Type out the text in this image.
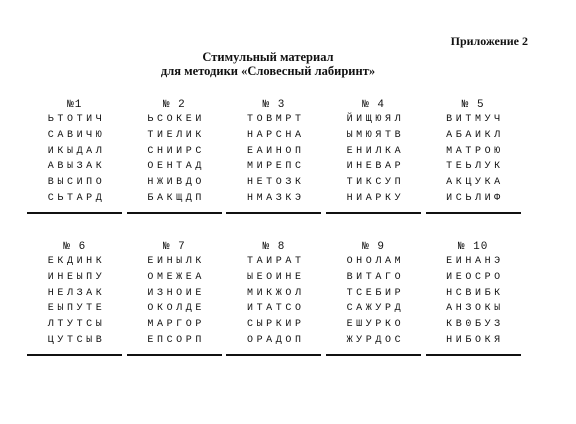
Приложение 2
Стимульный материал
для методики «Словесный лабиринт»
№1
ЬТОТИЧ
САВИЧЮ
ИКЫДАЛ
АВЫЗАК
ВЫСИПО
СЬТАРД
№ 2
ЬСОКЕИ
ТИЕЛИК
СНИИРС
ОЕНТАД
НЖИВДО
БАКЩДП
№ 3
ТОВМРТ
НАРСНА
ЕАИНОП
МИРЕПС
НЕТОЗК
НМАЗКЭ
№ 4
ЙИЩЮЯЛ
ЫМЮЯТВ
ЕНИЛКА
ИНЕВАР
ТИКСУП
НИАРКУ
№ 5
ВИТМУЧ
АБАИКЛ
МАТРОЮ
ТЕЬЛУК
АКЦУКА
ИСЬЛИФ
№ 6
ЕКДИНК
ИНЕЫПУ
НЕЛЗАК
ЕЫПУТЕ
ЛТУТСЫ
ЦУТСЫВ
№ 7
ЕИНЫЛК
ОМЕЖЕА
ИЗНОИЕ
ОКОЛДЕ
МАРГОР
ЕПСОРП
№ 8
ТАИРАТ
ЫЕОИНЕ
МИКЖОЛ
ИТАТСО
СЫРКИР
ОРАДОП
№ 9
ОНОЛАМ
ВИТАГО
ТСЕБИР
САЖУРД
ЕШУРКО
ЖУРДОС
№ 10
ЕИНАНЭ
ИЕОСРО
НСВИБК
АНЗОКЫ
КВ0БУЗ
НИБОКЯ
